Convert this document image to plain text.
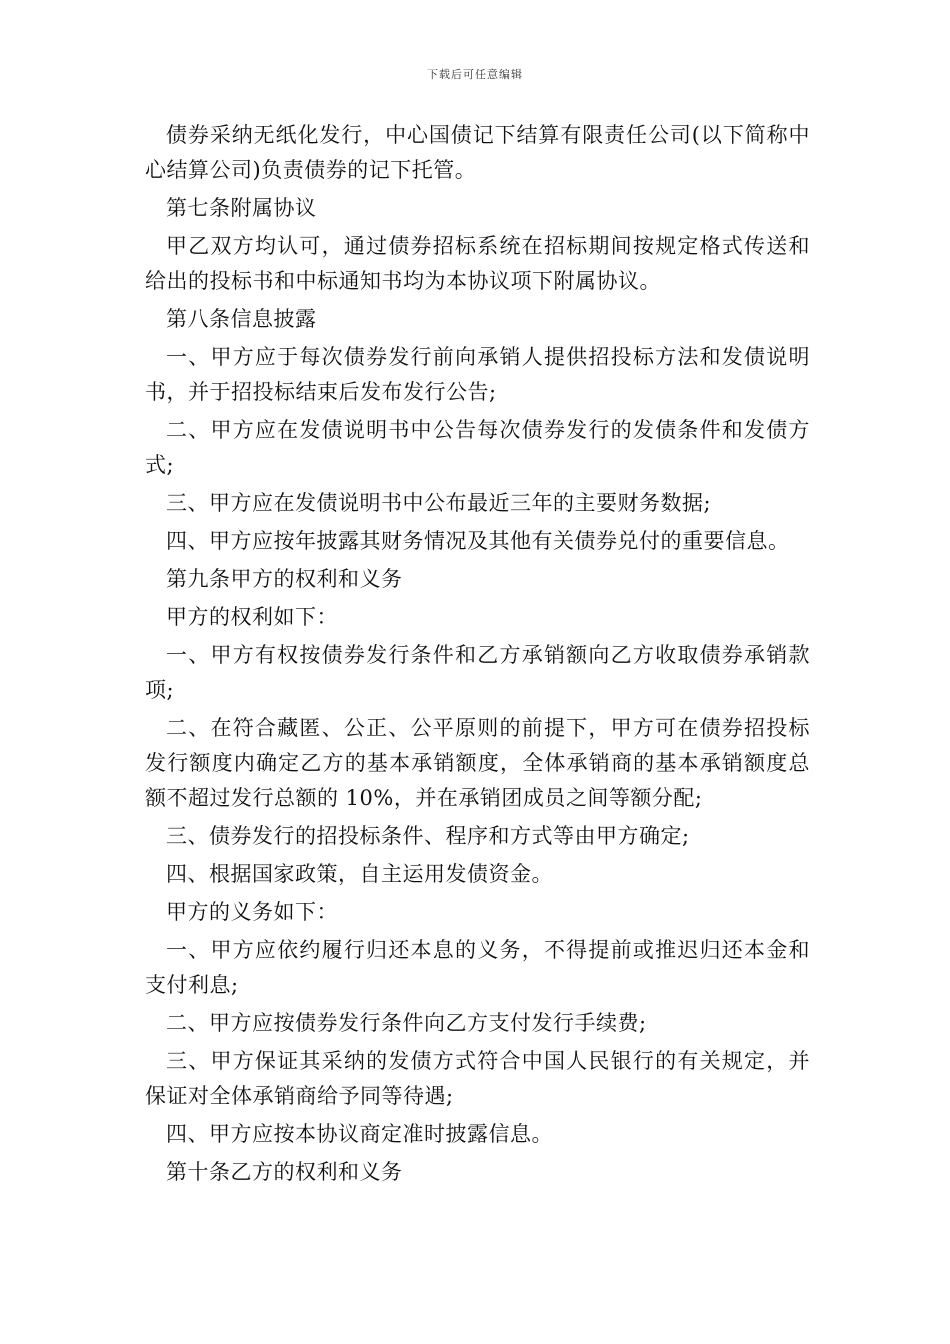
下载后可任意编辑

债券采纳无纸化发行，中心国债记下结算有限责任公司(以下简称中心结算公司)负责债券的记下托管。

第七条附属协议

甲乙双方均认可，通过债券招标系统在招标期间按规定格式传送和给出的投标书和中标通知书均为本协议项下附属协议。

第八条信息披露

一、甲方应于每次债券发行前向承销人提供招投标方法和发债说明书，并于招投标结束后发布发行公告;

二、甲方应在发债说明书中公告每次债券发行的发债条件和发债方式;

三、甲方应在发债说明书中公布最近三年的主要财务数据;

四、甲方应按年披露其财务情况及其他有关债券兑付的重要信息。

第九条甲方的权利和义务

甲方的权利如下：

一、甲方有权按债券发行条件和乙方承销额向乙方收取债券承销款项;

二、在符合藏匿、公正、公平原则的前提下，甲方可在债券招投标发行额度内确定乙方的基本承销额度，全体承销商的基本承销额度总额不超过发行总额的 10%，并在承销团成员之间等额分配;

三、债券发行的招投标条件、程序和方式等由甲方确定;

四、根据国家政策，自主运用发债资金。

甲方的义务如下：

一、甲方应依约履行归还本息的义务，不得提前或推迟归还本金和支付利息;

二、甲方应按债券发行条件向乙方支付发行手续费;

三、甲方保证其采纳的发债方式符合中国人民银行的有关规定，并保证对全体承销商给予同等待遇;

四、甲方应按本协议商定准时披露信息。

第十条乙方的权利和义务
